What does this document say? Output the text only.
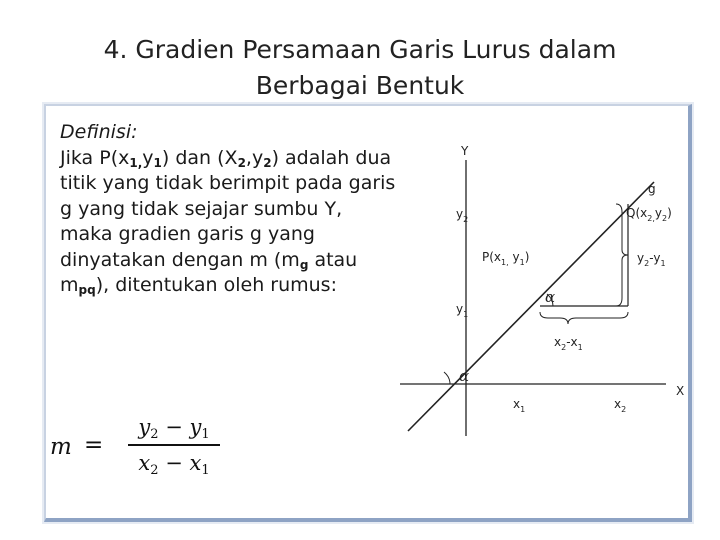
4. Gradien Persamaan Garis Lurus dalam
Berbagai Bentuk
Definisi:
Jika $P(x_{1,}y_1)$ dan $(X_2,y_2)$ adalah dua titik yang tidak berimpit pada garis g yang tidak sejajar sumbu Y, maka gradien garis g yang dinyatakan dengan m ($m_g$ atau $m_{pq}$), ditentukan oleh rumus:
m =
$y_2 - y_1$
$x_2 - x_1$
Y
X
g
$Q(x_{2,}y_2)$
$P(x_{1,}$ $y_1$)
$y_2$
$y_1$
$x_1$	$x_2$
$y_2-y_1$
$x_2-x_1$
α
α
